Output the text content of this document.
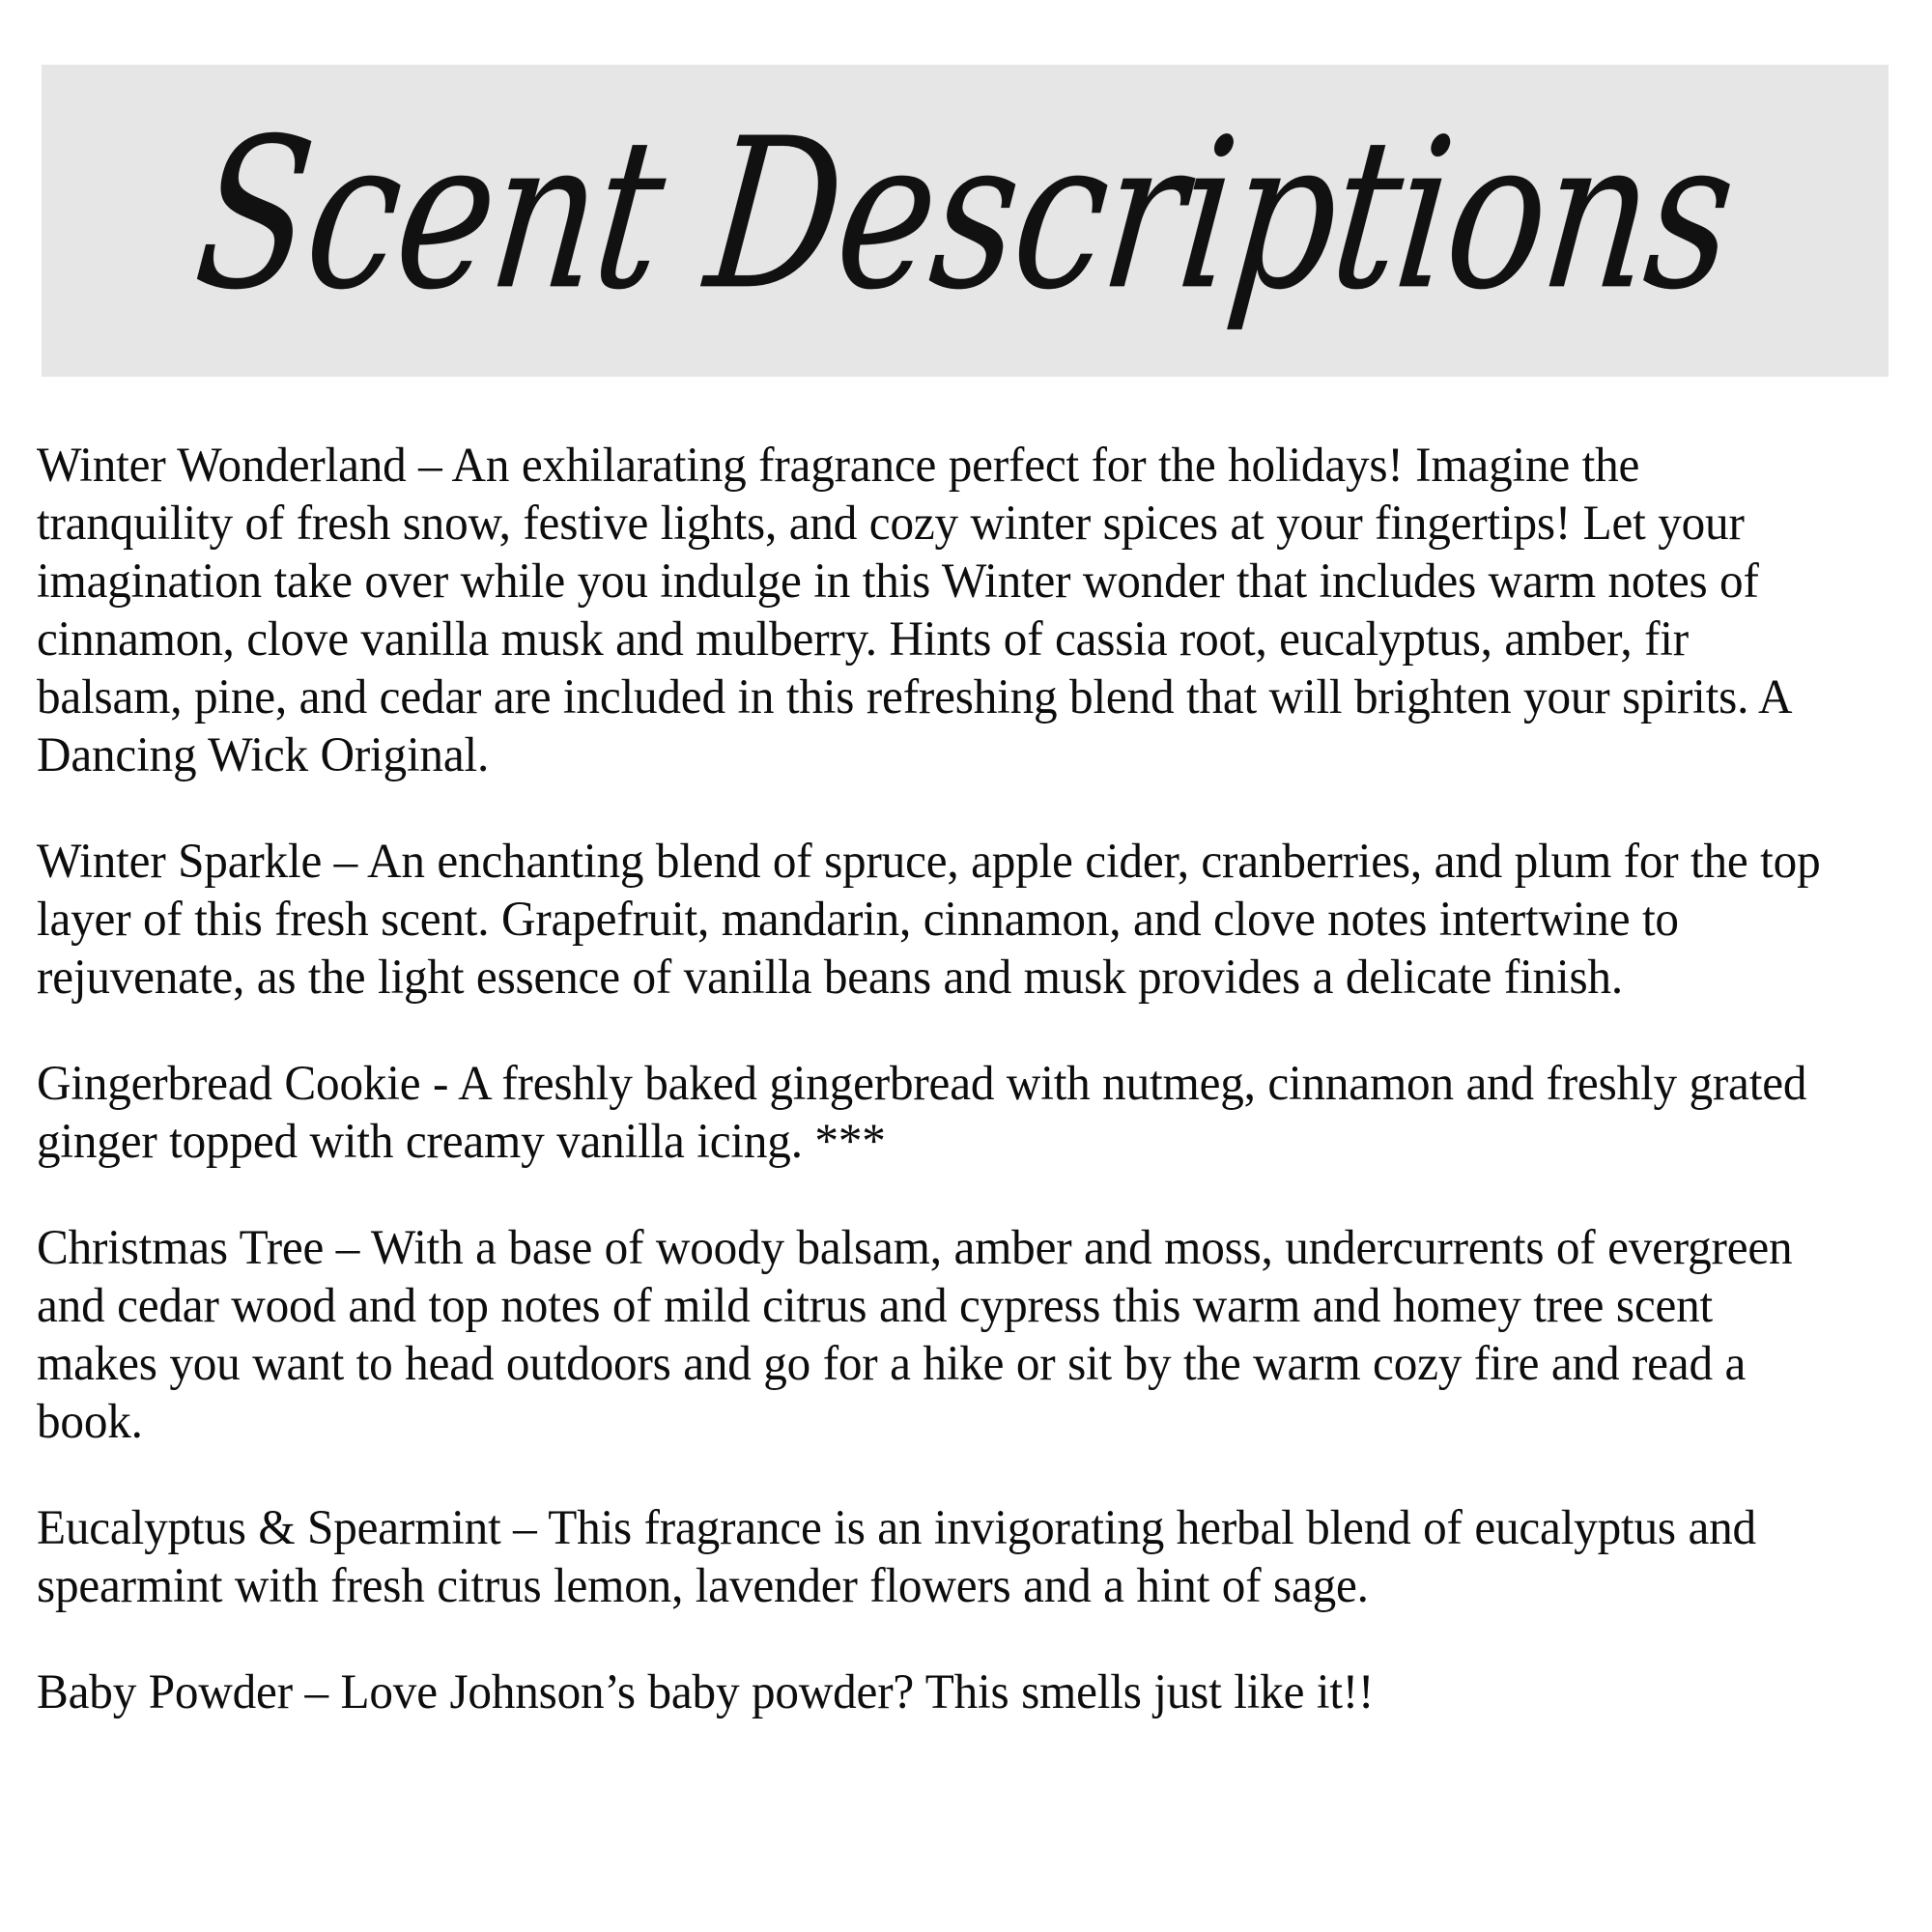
Scent Descriptions

Winter Wonderland – An exhilarating fragrance perfect for the holidays! Imagine the tranquility of fresh snow, festive lights, and cozy winter spices at your fingertips! Let your imagination take over while you indulge in this Winter wonder that includes warm notes of cinnamon, clove vanilla musk and mulberry. Hints of cassia root, eucalyptus, amber, fir balsam, pine, and cedar are included in this refreshing blend that will brighten your spirits. A Dancing Wick Original.

Winter Sparkle – An enchanting blend of spruce, apple cider, cranberries, and plum for the top layer of this fresh scent. Grapefruit, mandarin, cinnamon, and clove notes intertwine to rejuvenate, as the light essence of vanilla beans and musk provides a delicate finish.

Gingerbread Cookie - A freshly baked gingerbread with nutmeg, cinnamon and freshly grated ginger topped with creamy vanilla icing. ***

Christmas Tree – With a base of woody balsam, amber and moss, undercurrents of evergreen and cedar wood and top notes of mild citrus and cypress this warm and homey tree scent makes you want to head outdoors and go for a hike or sit by the warm cozy fire and read a book.

Eucalyptus & Spearmint – This fragrance is an invigorating herbal blend of eucalyptus and spearmint with fresh citrus lemon, lavender flowers and a hint of sage.

Baby Powder – Love Johnson’s baby powder? This smells just like it!!
